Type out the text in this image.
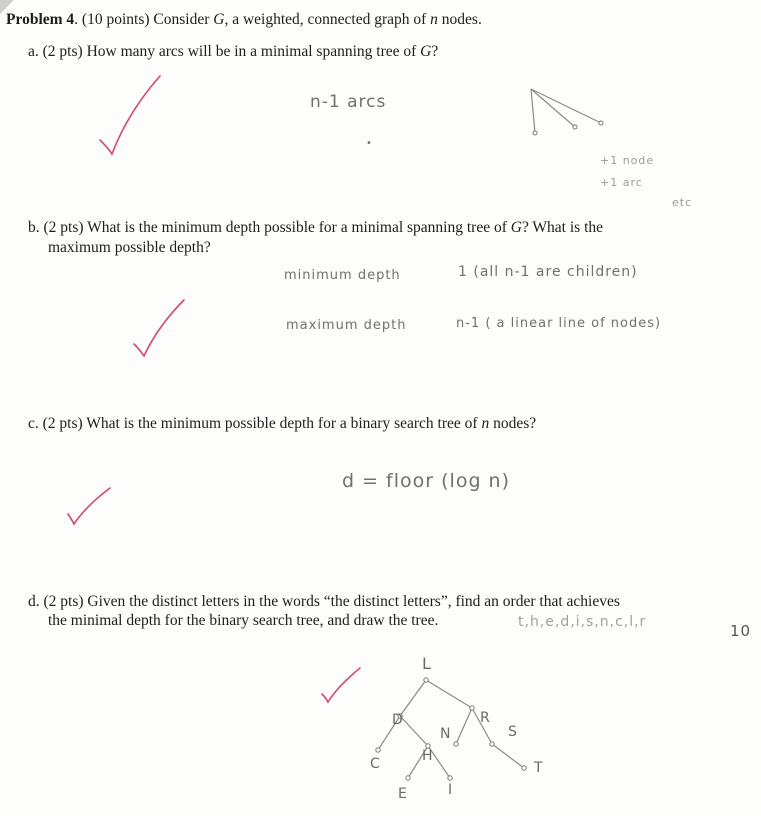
Problem 4. (10 points) Consider G, a weighted, connected graph of n nodes.
a. (2 pts) How many arcs will be in a minimal spanning tree of G?
n-1 arcs
•
+1 node
+1 arc
etc
b. (2 pts) What is the minimum depth possible for a minimal spanning tree of G? What is the
maximum possible depth?
minimum depth	1 (all n-1 are children)
maximum depth	n-1 ( a linear line of nodes)
c. (2 pts) What is the minimum possible depth for a binary search tree of n nodes?
d = floor (log n)
d. (2 pts) Given the distinct letters in the words “the distinct letters”, find an order that achieves
the minimal depth for the binary search tree, and draw the tree.	t,h,e,d,i,s,n,c,l,r	10
L
D	R
C	H
N	S
E	I
T
